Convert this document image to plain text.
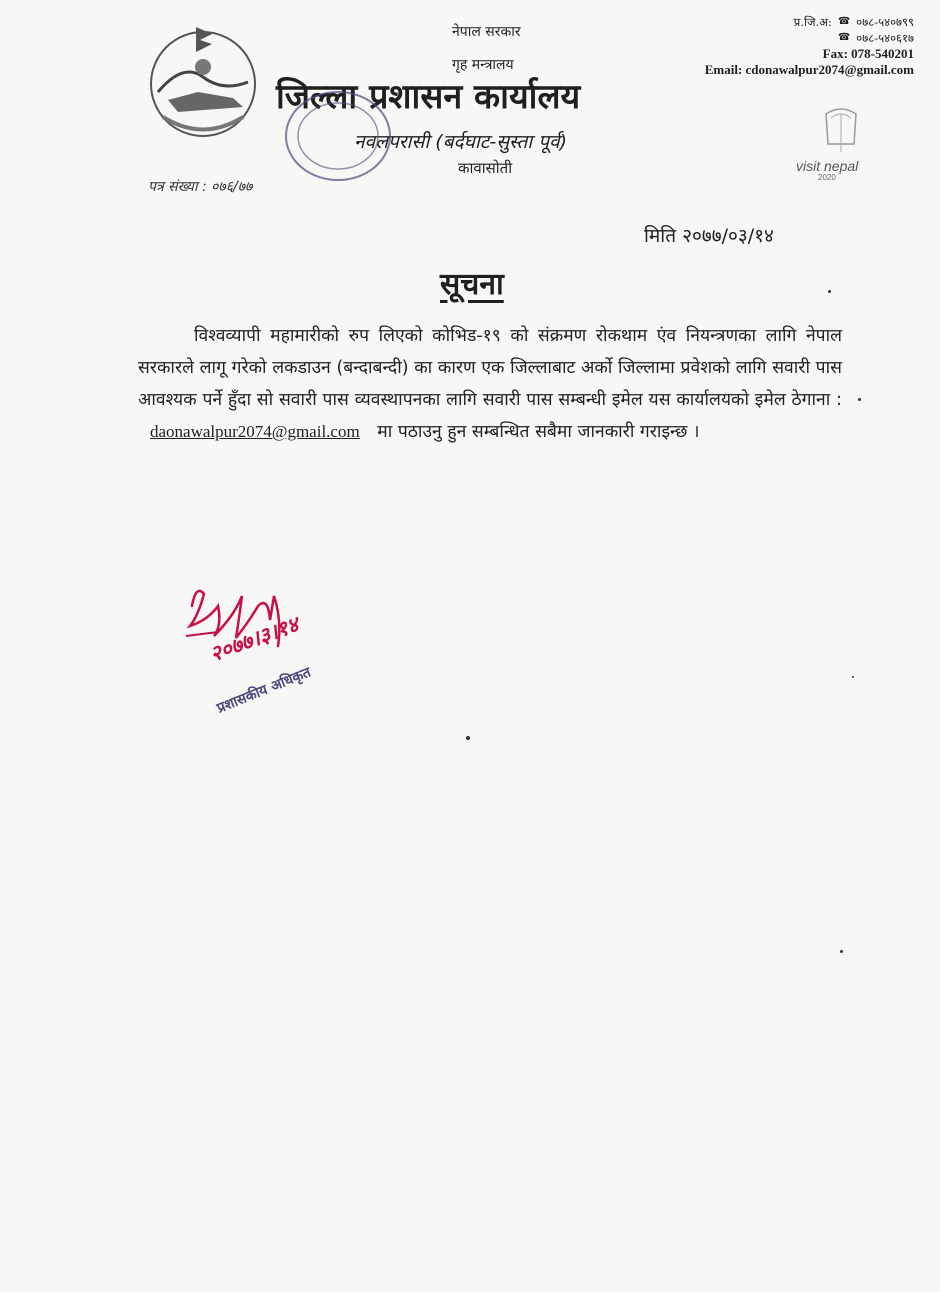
नेपाल सरकार
गृह मन्त्रालय
जिल्ला प्रशासन कार्यालय
नवलपरासी (बर्दघाट-सुस्ता पूर्व)
कावासोती
प्र.जि.अ: ☎ ०७८-५४०७९९
☎ ०७८-५४०६१७
Fax: 078-540201
Email: cdonawalpur2074@gmail.com
visit nepal
2020
पत्र संख्या : ०७६/७७
मिति २०७७/०३/१४
सूचना
विश्वव्यापी महामारीको रुप लिएको कोभिड-१९ को संक्रमण रोकथाम एंव नियन्त्रणका लागि नेपाल सरकारले लागू गरेको लकडाउन (बन्दाबन्दी) का कारण एक जिल्लाबाट अर्को जिल्लामा प्रवेशको लागि सवारी पास आवश्यक पर्ने हुँदा सो सवारी पास व्यवस्थापनका लागि सवारी पास सम्बन्धी इमेल यस कार्यालयको इमेल ठेगाना : daonawalpur2074@gmail.com मा पठाउनु हुन सम्बन्धित सबैमा जानकारी गराइन्छ ।
२०७७।३।१४
प्रशासकीय अधिकृत
